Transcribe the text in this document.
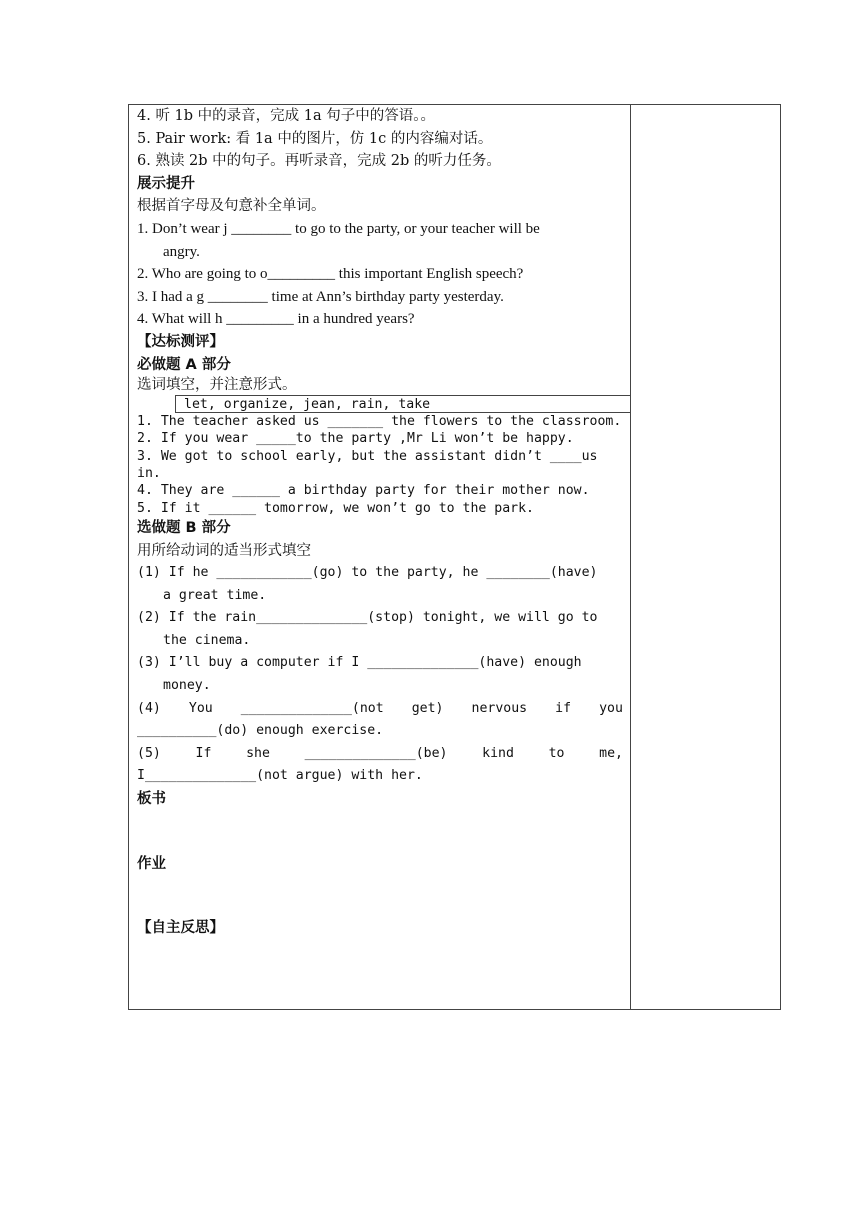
4. 听 1b 中的录音，完成 1a 句子中的答语。。
5. Pair work: 看 1a 中的图片，仿 1c 的内容编对话。
6. 熟读 2b 中的句子。再听录音，完成 2b 的听力任务。
展示提升
根据首字母及句意补全单词。
1. Don’t wear j ________ to go to the party, or your teacher will be
angry.
2. Who are going to o_________ this important English speech?
3. I had a g ________ time at Ann’s birthday party yesterday.
4. What will h _________ in a hundred years?
【达标测评】
必做题 A 部分
选词填空，并注意形式。
let, organize, jean, rain, take
1. The teacher asked us _______ the flowers to the classroom.
2. If you wear _____to the party ,Mr Li won’t be happy.
3. We got to school early, but the assistant didn’t ____us
in.
4. They are ______ a birthday party for their mother now.
5. If it ______ tomorrow, we won’t go to the park.
选做题 B 部分
用所给动词的适当形式填空
(1) If he ____________(go) to the party, he ________(have)
a great time.
(2) If the rain______________(stop) tonight, we will go to
the cinema.
(3) I’ll buy a computer if I ______________(have) enough
money.
(4) You ______________(not get) nervous if you
__________(do) enough exercise.
(5)	If	she	______________(be)	kind	to	me,
I______________(not argue) with her.
板书
作业
【自主反思】
